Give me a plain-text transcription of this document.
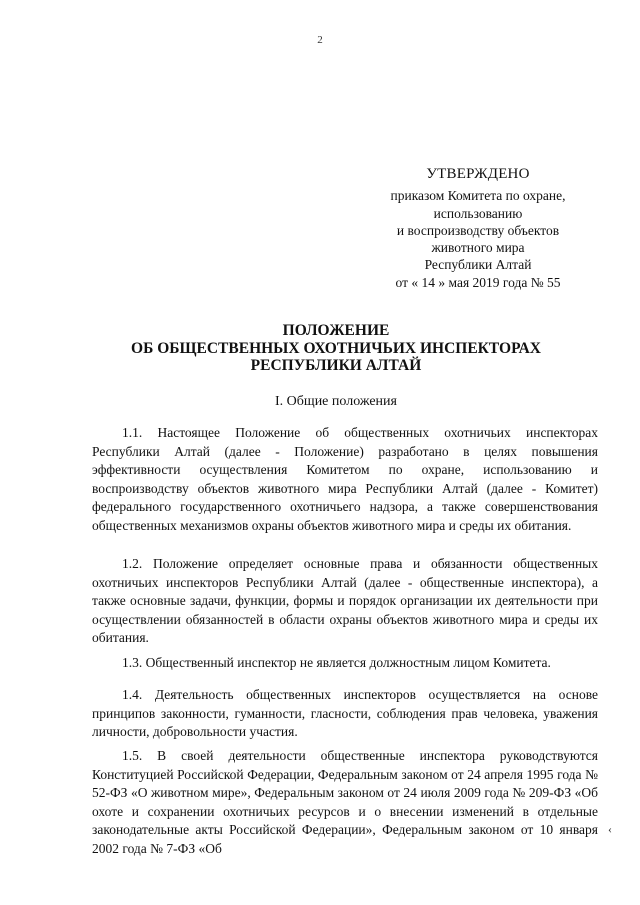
2
УТВЕРЖДЕНО
приказом Комитета по охране,
использованию
и воспроизводству объектов
животного мира
Республики Алтай
от « 14 » мая 2019 года № 55
ПОЛОЖЕНИЕ
ОБ ОБЩЕСТВЕННЫХ ОХОТНИЧЬИХ ИНСПЕКТОРАХ
РЕСПУБЛИКИ АЛТАЙ
I. Общие положения

1.1. Настоящее Положение об общественных охотничьих инспекторах Республики Алтай (далее - Положение) разработано в целях повышения эффективности осуществления Комитетом по охране, использованию и воспроизводству объектов животного мира Республики Алтай (далее - Комитет) федерального государственного охотничьего надзора, а также совершенствования общественных механизмов охраны объектов животного мира и среды их обитания.

1.2. Положение определяет основные права и обязанности общественных охотничьих инспекторов Республики Алтай (далее - общественные инспектора), а также основные задачи, функции, формы и порядок организации их деятельности при осуществлении обязанностей в области охраны объектов животного мира и среды их обитания.

1.3. Общественный инспектор не является должностным лицом Комитета.

1.4. Деятельность общественных инспекторов осуществляется на основе принципов законности, гуманности, гласности, соблюдения прав человека, уважения личности, добровольности участия.

1.5. В своей деятельности общественные инспектора руководствуются Конституцией Российской Федерации, Федеральным законом от 24 апреля 1995 года № 52-ФЗ «О животном мире», Федеральным законом от 24 июля 2009 года № 209-ФЗ «Об охоте и сохранении охотничьих ресурсов и о внесении изменений в отдельные законодательные акты Российской Федерации», Федеральным законом от 10 января 2002 года № 7-ФЗ «Об

‹
